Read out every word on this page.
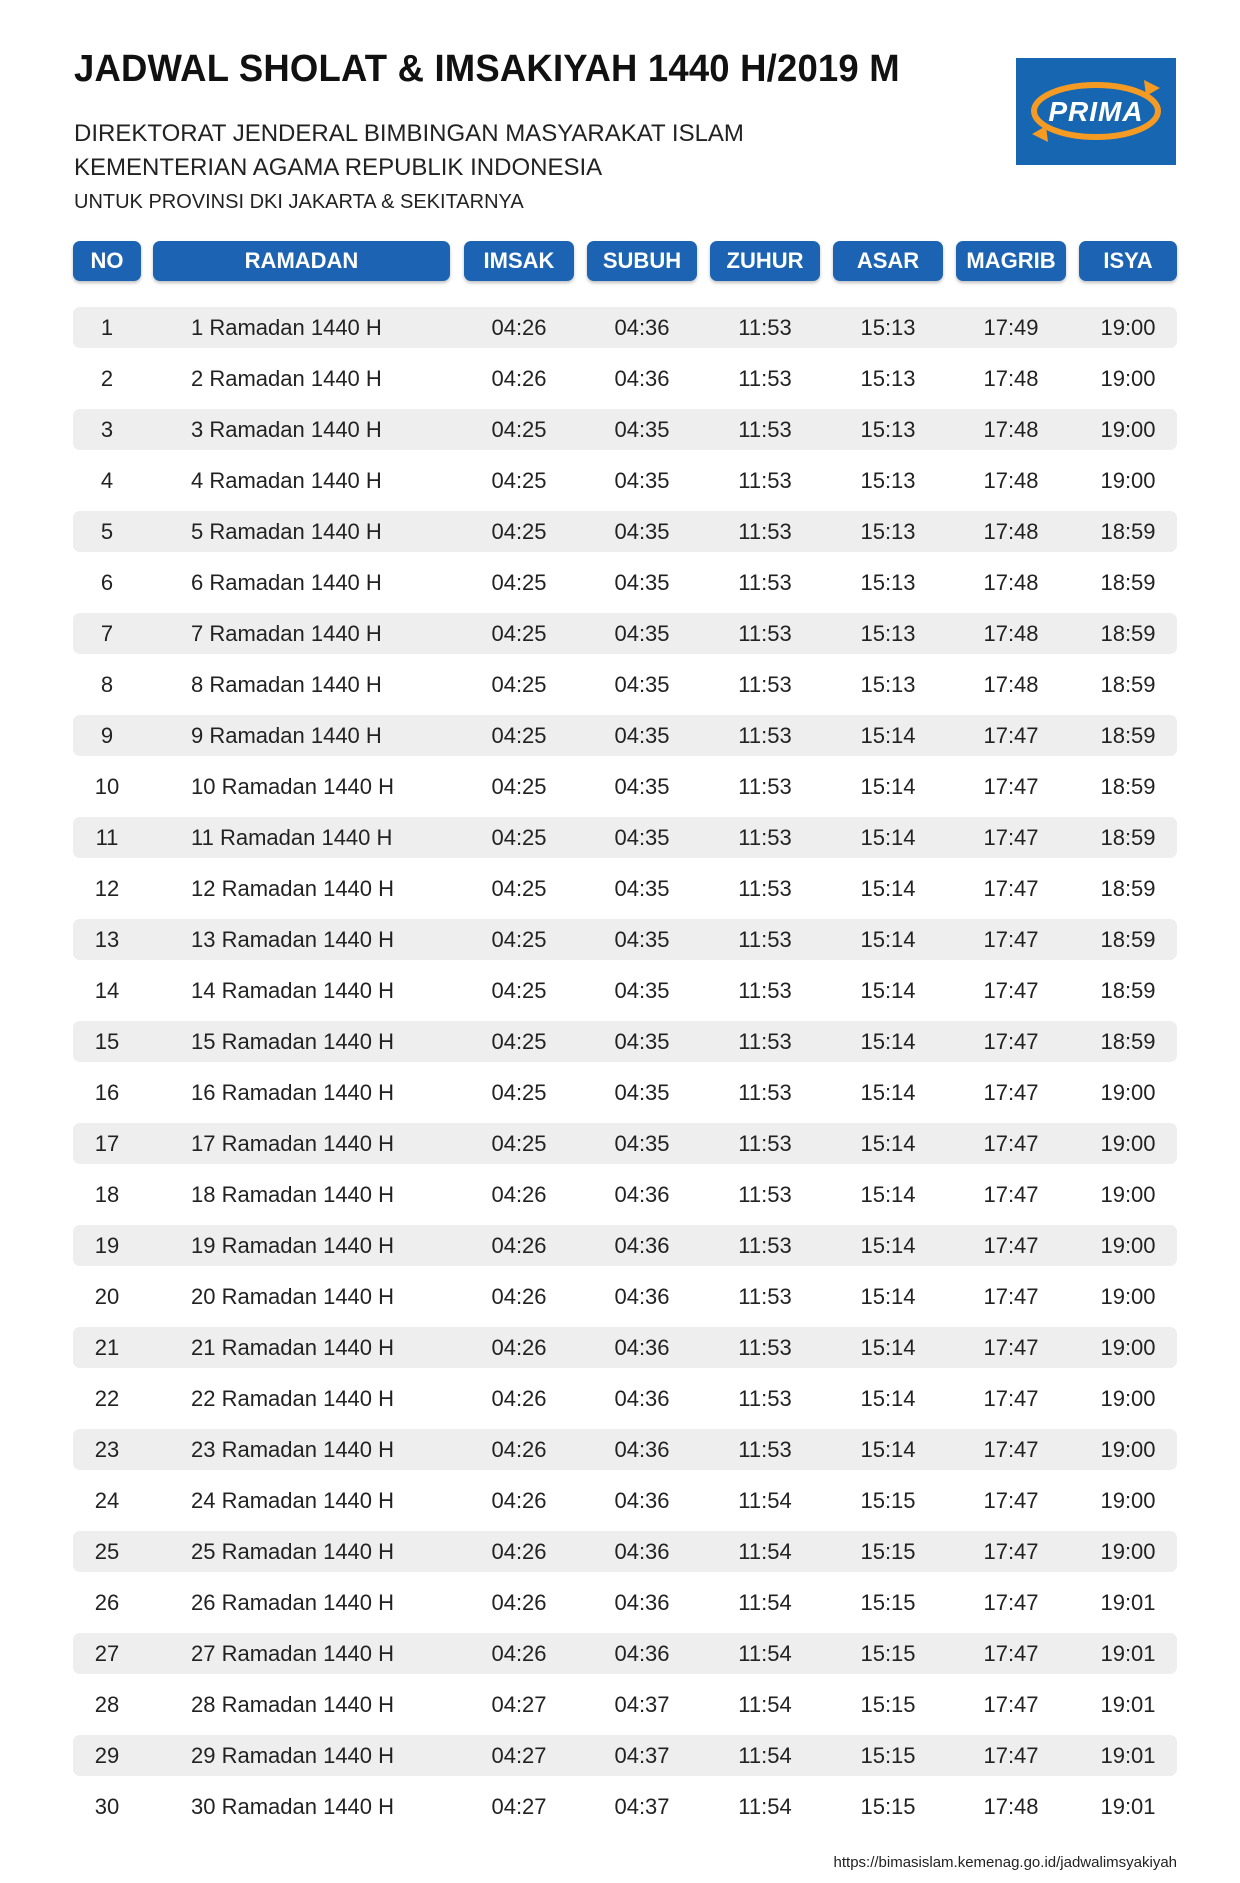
JADWAL SHOLAT & IMSAKIYAH 1440 H/2019 M
DIREKTORAT JENDERAL BIMBINGAN MASYARAKAT ISLAM
KEMENTERIAN AGAMA REPUBLIK INDONESIA
UNTUK PROVINSI DKI JAKARTA & SEKITARNYA
PRIMA
NO	RAMADAN	IMSAK	SUBUH	ZUHUR	ASAR	MAGRIB	ISYA
1	1 Ramadan 1440 H	04:26	04:36	11:53	15:13	17:49	19:00
2	2 Ramadan 1440 H	04:26	04:36	11:53	15:13	17:48	19:00
3	3 Ramadan 1440 H	04:25	04:35	11:53	15:13	17:48	19:00
4	4 Ramadan 1440 H	04:25	04:35	11:53	15:13	17:48	19:00
5	5 Ramadan 1440 H	04:25	04:35	11:53	15:13	17:48	18:59
6	6 Ramadan 1440 H	04:25	04:35	11:53	15:13	17:48	18:59
7	7 Ramadan 1440 H	04:25	04:35	11:53	15:13	17:48	18:59
8	8 Ramadan 1440 H	04:25	04:35	11:53	15:13	17:48	18:59
9	9 Ramadan 1440 H	04:25	04:35	11:53	15:14	17:47	18:59
10	10 Ramadan 1440 H	04:25	04:35	11:53	15:14	17:47	18:59
11	11 Ramadan 1440 H	04:25	04:35	11:53	15:14	17:47	18:59
12	12 Ramadan 1440 H	04:25	04:35	11:53	15:14	17:47	18:59
13	13 Ramadan 1440 H	04:25	04:35	11:53	15:14	17:47	18:59
14	14 Ramadan 1440 H	04:25	04:35	11:53	15:14	17:47	18:59
15	15 Ramadan 1440 H	04:25	04:35	11:53	15:14	17:47	18:59
16	16 Ramadan 1440 H	04:25	04:35	11:53	15:14	17:47	19:00
17	17 Ramadan 1440 H	04:25	04:35	11:53	15:14	17:47	19:00
18	18 Ramadan 1440 H	04:26	04:36	11:53	15:14	17:47	19:00
19	19 Ramadan 1440 H	04:26	04:36	11:53	15:14	17:47	19:00
20	20 Ramadan 1440 H	04:26	04:36	11:53	15:14	17:47	19:00
21	21 Ramadan 1440 H	04:26	04:36	11:53	15:14	17:47	19:00
22	22 Ramadan 1440 H	04:26	04:36	11:53	15:14	17:47	19:00
23	23 Ramadan 1440 H	04:26	04:36	11:53	15:14	17:47	19:00
24	24 Ramadan 1440 H	04:26	04:36	11:54	15:15	17:47	19:00
25	25 Ramadan 1440 H	04:26	04:36	11:54	15:15	17:47	19:00
26	26 Ramadan 1440 H	04:26	04:36	11:54	15:15	17:47	19:01
27	27 Ramadan 1440 H	04:26	04:36	11:54	15:15	17:47	19:01
28	28 Ramadan 1440 H	04:27	04:37	11:54	15:15	17:47	19:01
29	29 Ramadan 1440 H	04:27	04:37	11:54	15:15	17:47	19:01
30	30 Ramadan 1440 H	04:27	04:37	11:54	15:15	17:48	19:01
https://bimasislam.kemenag.go.id/jadwalimsyakiyah
